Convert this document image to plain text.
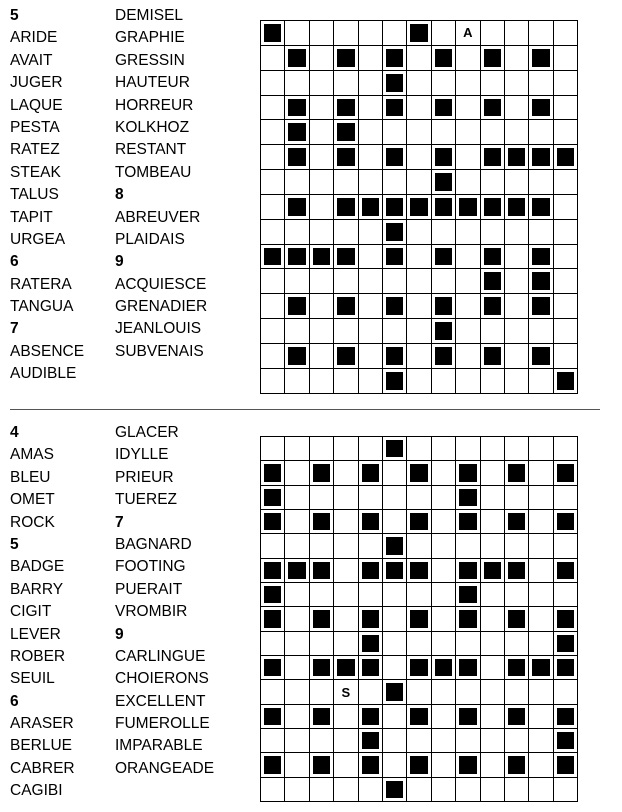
5
ARIDE
AVAIT
JUGER
LAQUE
PESTA
RATEZ
STEAK
TALUS
TAPIT
URGEA
6
RATERA
TANGUA
7
ABSENCE
AUDIBLE
DEMISEL
GRAPHIE
GRESSIN
HAUTEUR
HORREUR
KOLKHOZ
RESTANT
TOMBEAU
8
ABREUVER
PLAIDAIS
9
ACQUIESCE
GRENADIER
JEANLOUIS
SUBVENAIS
A
4
AMAS
BLEU
OMET
ROCK
5
BADGE
BARRY
CIGIT
LEVER
ROBER
SEUIL
6
ARASER
BERLUE
CABRER
CAGIBI
GLACER
IDYLLE
PRIEUR
TUEREZ
7
BAGNARD
FOOTING
PUERAIT
VROMBIR
9
CARLINGUE
CHOIERONS
EXCELLENT
FUMEROLLE
IMPARABLE
ORANGEADE
S
